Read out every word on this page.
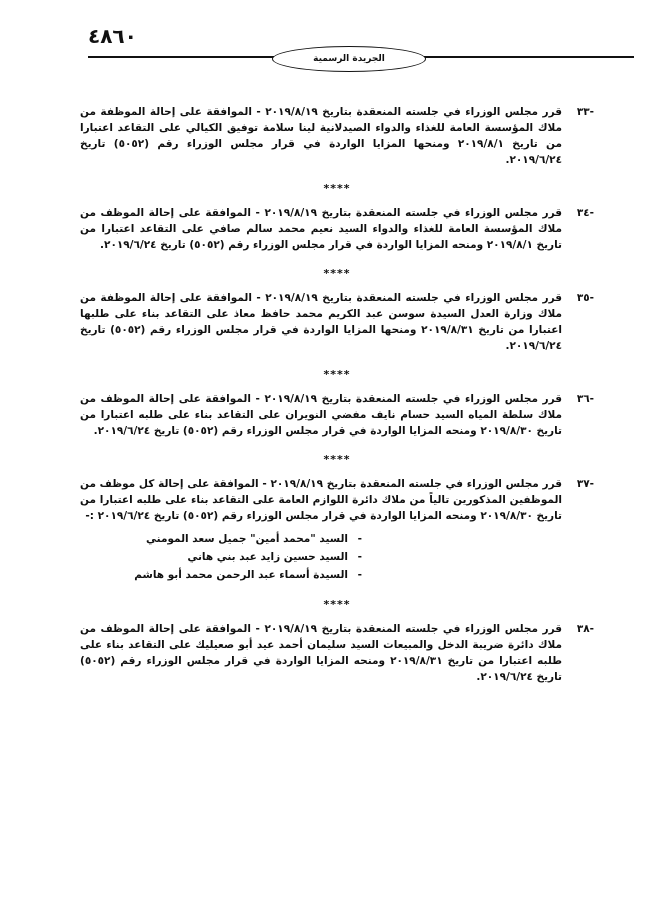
٤٨٦٠
الجريدة الرسمية
-٣٣
قرر مجلس الوزراء في جلسته المنعقدة بتاريخ ٢٠١٩/٨/١٩ - الموافقة على إحالة الموظفة من ملاك المؤسسة العامة للغذاء والدواء الصيدلانية لينا سلامة توفيق الكيالي على التقاعد اعتبارا من تاريخ ٢٠١٩/٨/١ ومنحها المزايا الواردة في قرار مجلس الوزراء رقم (٥٠٥٢) تاريخ ٢٠١٩/٦/٢٤.
****
-٣٤
قرر مجلس الوزراء في جلسته المنعقدة بتاريخ ٢٠١٩/٨/١٩ - الموافقة على إحالة الموظف من ملاك المؤسسة العامة للغذاء والدواء السيد نعيم محمد سالم صافي على التقاعد اعتبارا من تاريخ ٢٠١٩/٨/١ ومنحه المزايا الواردة في قرار مجلس الوزراء رقم (٥٠٥٢) تاريخ ٢٠١٩/٦/٢٤.
****
-٣٥
قرر مجلس الوزراء في جلسته المنعقدة بتاريخ ٢٠١٩/٨/١٩ - الموافقة على إحالة الموظفة من ملاك وزارة العدل السيدة سوسن عبد الكريم محمد حافظ معاذ على التقاعد بناء على طلبها اعتبارا من تاريخ ٢٠١٩/٨/٣١ ومنحها المزايا الواردة في قرار مجلس الوزراء رقم (٥٠٥٢) تاريخ ٢٠١٩/٦/٢٤.
****
-٣٦
قرر مجلس الوزراء في جلسته المنعقدة بتاريخ ٢٠١٩/٨/١٩ - الموافقة على إحالة الموظف من ملاك سلطة المياه السيد حسام نايف مفضي النويران على التقاعد بناء على طلبه اعتبارا من تاريخ ٢٠١٩/٨/٣٠ ومنحه المزايا الواردة في قرار مجلس الوزراء رقم (٥٠٥٢) تاريخ ٢٠١٩/٦/٢٤.
****
-٣٧
قرر مجلس الوزراء في جلسته المنعقدة بتاريخ ٢٠١٩/٨/١٩ - الموافقة على إحالة كل موظف من الموظفين المذكورين تالياً من ملاك دائرة اللوازم العامة على التقاعد بناء على طلبه اعتبارا من تاريخ ٢٠١٩/٨/٣٠ ومنحه المزايا الواردة في قرار مجلس الوزراء رقم (٥٠٥٢) تاريخ ٢٠١٩/٦/٢٤ :-
- السيد "محمد أمين" جميل سعد المومني
- السيد حسين زايد عبد بني هاني
- السيدة أسماء عبد الرحمن محمد أبو هاشم
****
-٣٨
قرر مجلس الوزراء في جلسته المنعقدة بتاريخ ٢٠١٩/٨/١٩ - الموافقة على إحالة الموظف من ملاك دائرة ضريبة الدخل والمبيعات السيد سليمان أحمد عيد أبو صعيليك على التقاعد بناء على طلبه اعتبارا من تاريخ ٢٠١٩/٨/٣١ ومنحه المزايا الواردة في قرار مجلس الوزراء رقم (٥٠٥٢) تاريخ ٢٠١٩/٦/٢٤.
